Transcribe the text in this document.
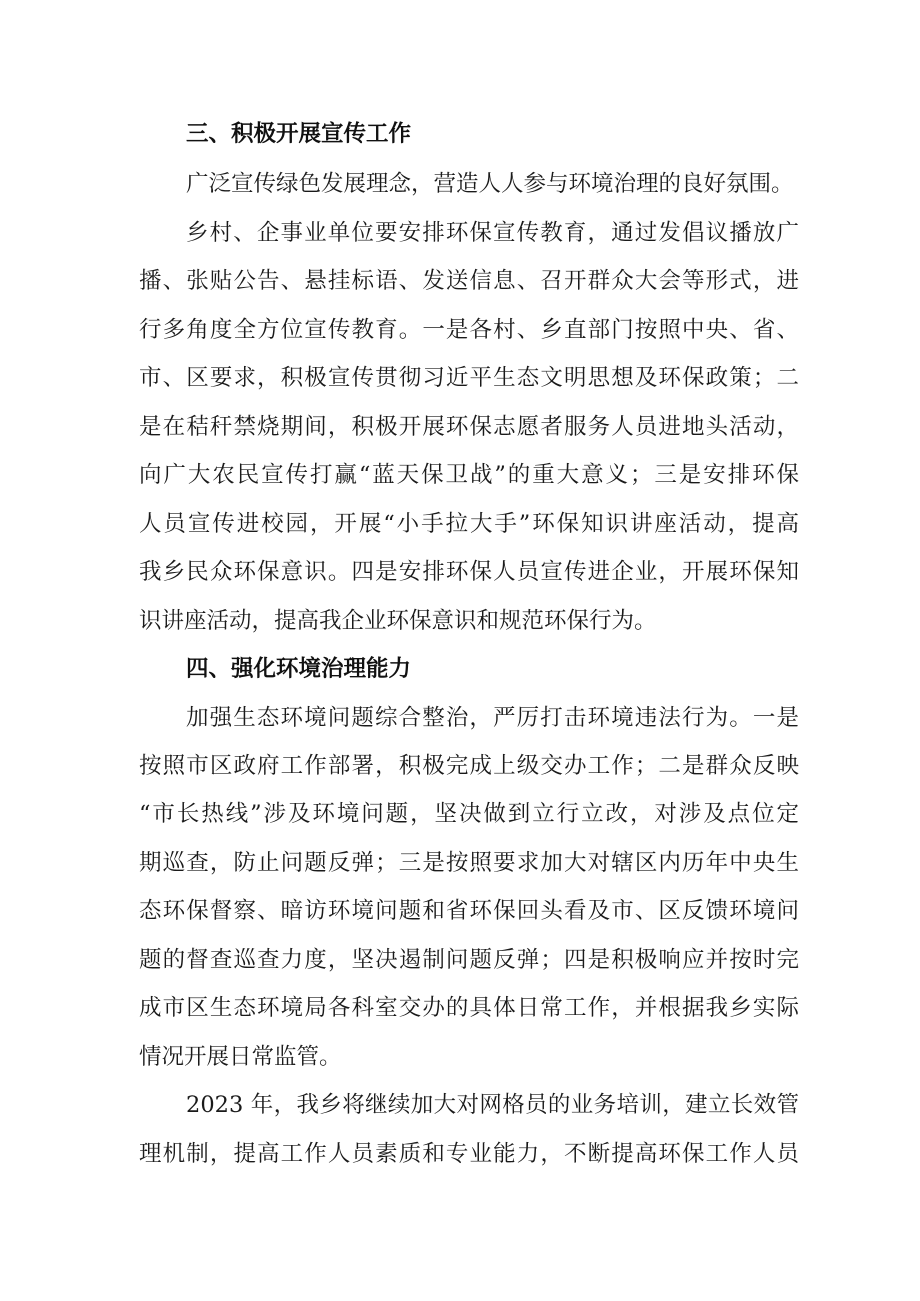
三、积极开展宣传工作
广泛宣传绿色发展理念，营造人人参与环境治理的良好氛围。
乡村、企事业单位要安排环保宣传教育，通过发倡议播放广
播、张贴公告、悬挂标语、发送信息、召开群众大会等形式，进
行多角度全方位宣传教育。一是各村、乡直部门按照中央、省、
市、区要求，积极宣传贯彻习近平生态文明思想及环保政策；二
是在秸秆禁烧期间，积极开展环保志愿者服务人员进地头活动，
向广大农民宣传打赢“蓝天保卫战”的重大意义；三是安排环保
人员宣传进校园，开展“小手拉大手”环保知识讲座活动，提高
我乡民众环保意识。四是安排环保人员宣传进企业，开展环保知
识讲座活动，提高我企业环保意识和规范环保行为。
四、强化环境治理能力
加强生态环境问题综合整治，严厉打击环境违法行为。一是
按照市区政府工作部署，积极完成上级交办工作；二是群众反映
“市长热线”涉及环境问题，坚决做到立行立改，对涉及点位定
期巡查，防止问题反弹；三是按照要求加大对辖区内历年中央生
态环保督察、暗访环境问题和省环保回头看及市、区反馈环境问
题的督查巡查力度，坚决遏制问题反弹；四是积极响应并按时完
成市区生态环境局各科室交办的具体日常工作，并根据我乡实际
情况开展日常监管。
2023 年，我乡将继续加大对网格员的业务培训，建立长效管
理机制，提高工作人员素质和专业能力，不断提高环保工作人员
